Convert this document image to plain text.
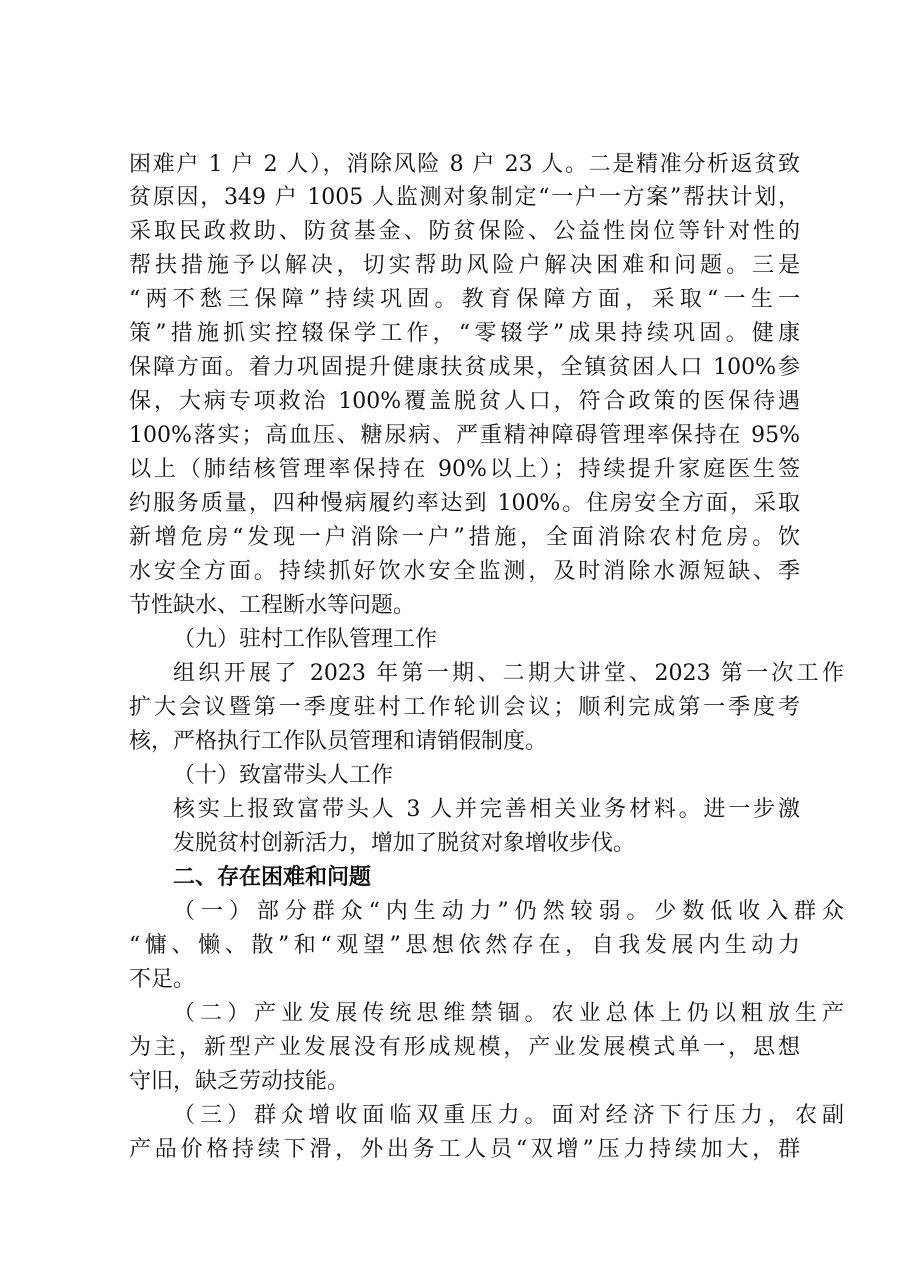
困难户 1 户 2 人），消除风险 8 户 23 人。二是精准分析返贫致
贫原因，349 户 1005 人监测对象制定“一户一方案”帮扶计划，
采取民政救助、防贫基金、防贫保险、公益性岗位等针对性的
帮扶措施予以解决，切实帮助风险户解决困难和问题。三是
“两不愁三保障”持续巩固。教育保障方面，采取“一生一
策”措施抓实控辍保学工作，“零辍学”成果持续巩固。健康
保障方面。着力巩固提升健康扶贫成果，全镇贫困人口 100%参
保，大病专项救治 100%覆盖脱贫人口，符合政策的医保待遇
100%落实；高血压、糖尿病、严重精神障碍管理率保持在 95%
以上（肺结核管理率保持在 90%以上）；持续提升家庭医生签
约服务质量，四种慢病履约率达到 100%。住房安全方面，采取
新增危房“发现一户消除一户”措施，全面消除农村危房。饮
水安全方面。持续抓好饮水安全监测，及时消除水源短缺、季
节性缺水、工程断水等问题。
（九）驻村工作队管理工作
组织开展了 2023 年第一期、二期大讲堂、2023 第一次工作
扩大会议暨第一季度驻村工作轮训会议；顺利完成第一季度考
核，严格执行工作队员管理和请销假制度。
（十）致富带头人工作
核实上报致富带头人 3 人并完善相关业务材料。进一步激
发脱贫村创新活力，增加了脱贫对象增收步伐。
二、存在困难和问题
（一）部分群众“内生动力”仍然较弱。少数低收入群众
“慵、懒、散”和“观望”思想依然存在，自我发展内生动力
不足。
（二）产业发展传统思维禁锢。农业总体上仍以粗放生产
为主，新型产业发展没有形成规模，产业发展模式单一，思想
守旧，缺乏劳动技能。
（三）群众增收面临双重压力。面对经济下行压力，农副
产品价格持续下滑，外出务工人员“双增”压力持续加大，群
